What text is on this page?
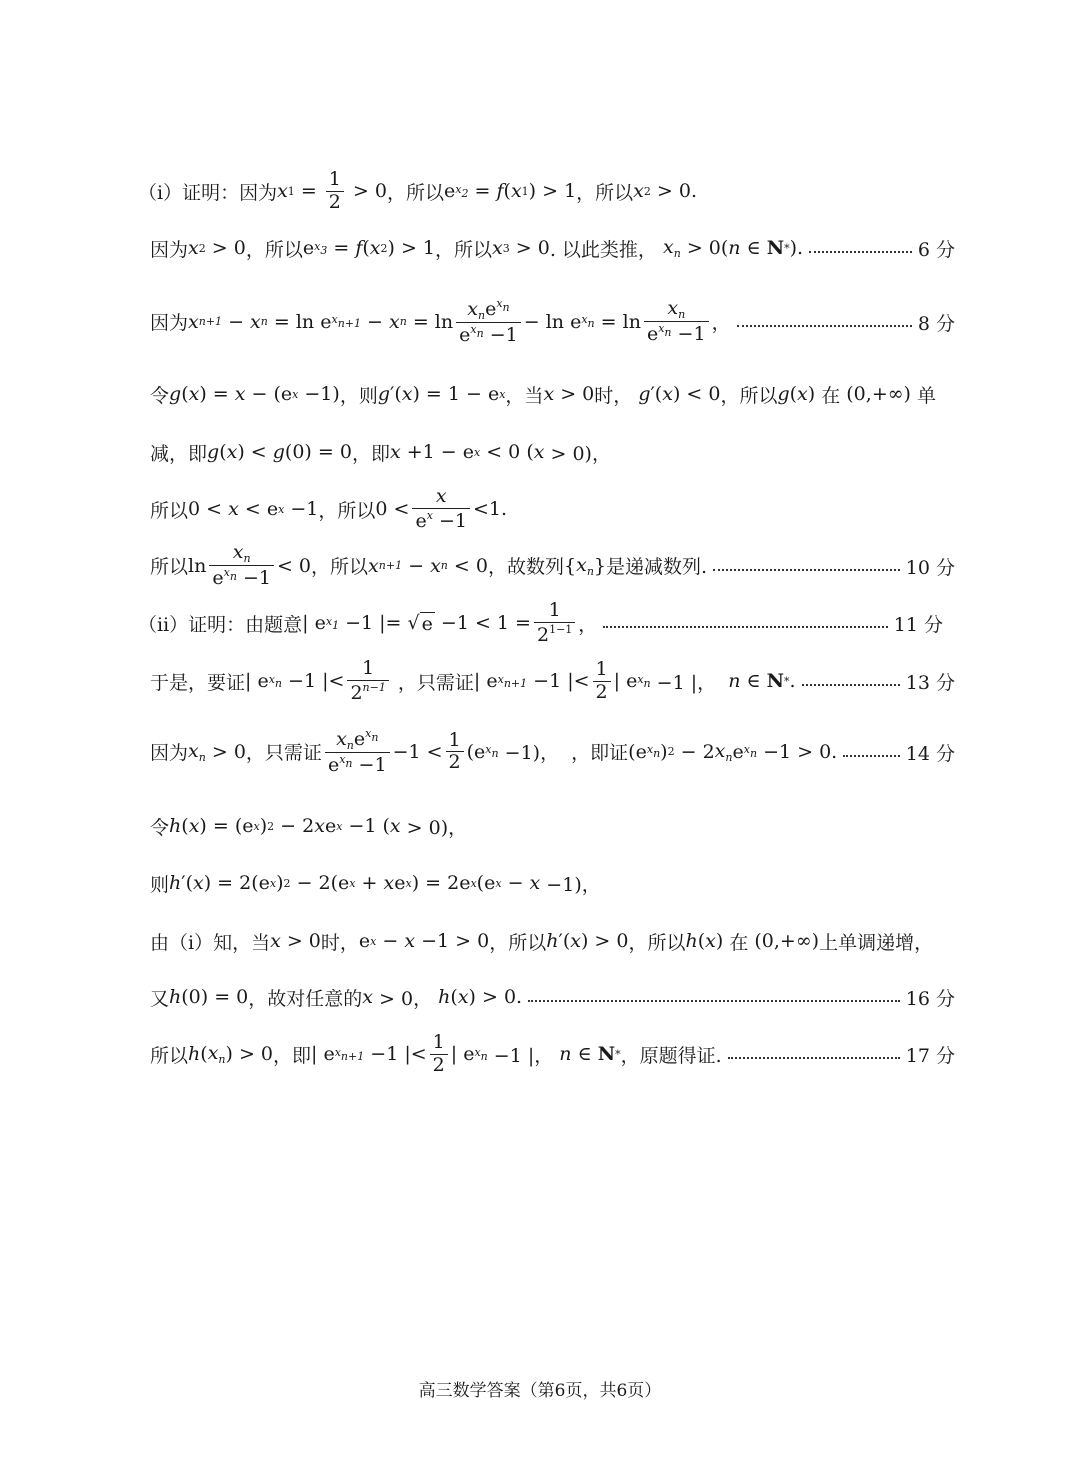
（ⅰ）证明：因为 x $1 = \frac{1}{2} > 0$ ，所以 e $x_2 = f$ ( x 1 ) > 1 ，所以 x 2 > 0 .
因为 x 2 > 0 ，所以 e $x_3 = f$ ( x 2 ) > 1 ，所以 x 3 > 0 . 以此类推，
$x_n > 0$( n ∈ N * ).	6 分
因为 x n+1 − x n = ln e $x_{n+1} - x$ $n = \ln \frac{x_ne^{x_n}}{e^{x_n} -1} - \ln e$ $x_n = \ln \frac{x_n}{e^{x_n} -1}$ ，	8 分
令 g ( x ) = x − (e x −1) ，则 g ′( x ) = 1 − e x ，当 x > 0 时，
g ′( x ) < 0 ，所以 g ( x ) 在 (0,+∞) 单
减，即 g ( x ) < g (0) = 0 ，即 x +1 − e x < 0 ( x > 0)，
所以 0 < x < e x −1 ，所以 $0 < \frac{x}{e^x -1} <1$.
所以 $\ln \frac{x_n}{e^{x_n} -1} < 0$ ，所以 x n+1 − x n < 0 ，故数列 { $x_n$ } 是递减数列.	10 分
（ⅱ）证明：由题意 | e $x_1 -1$ |= √ $e -1 < 1 = \frac{1}{2^{1-1}}$ ，	11 分
于是，要证 | e $x_n -1$ |< $\frac{1}{2^{n-1}}$
，只需证 | e $x_{n+1} -1$ |< $\frac{1}{2}$ | e $x_n -1$ |， n ∈ N * .	13 分
因为 $x_n > 0$ ，只需证 $\frac{x_ne^{x_n}}{e^{x_n} -1} -1 < \frac{1}{2} (e$ $x_n -1$)， ，即证 (e $x_n$ ) 2 − 2 $x_n$ e $x_n -1 > 0$.	14 分
令 h ( x ) = (e x ) 2 − 2 x e x −1 ( x > 0)，
则 h ′( x ) = 2(e x ) 2 − 2(e x + x e x ) = 2e x (e x − x −1)，
由（ⅰ）知，当 x > 0 时， e x − x −1 > 0 ，所以 h ′( x ) > 0 ，所以 h ( x ) 在 (0,+∞) 上单调递增，
又 h (0) = 0 ，故对任意的 x > 0， h ( x ) > 0.	16 分
所以 h ( $x_n$ ) > 0 ，即 | e $x_{n+1} -1$ |< $\frac{1}{2}$ | e $x_n -1$ |， n ∈ N * ，原题得证.	17 分
高三数学答案（第6页，共6页）
